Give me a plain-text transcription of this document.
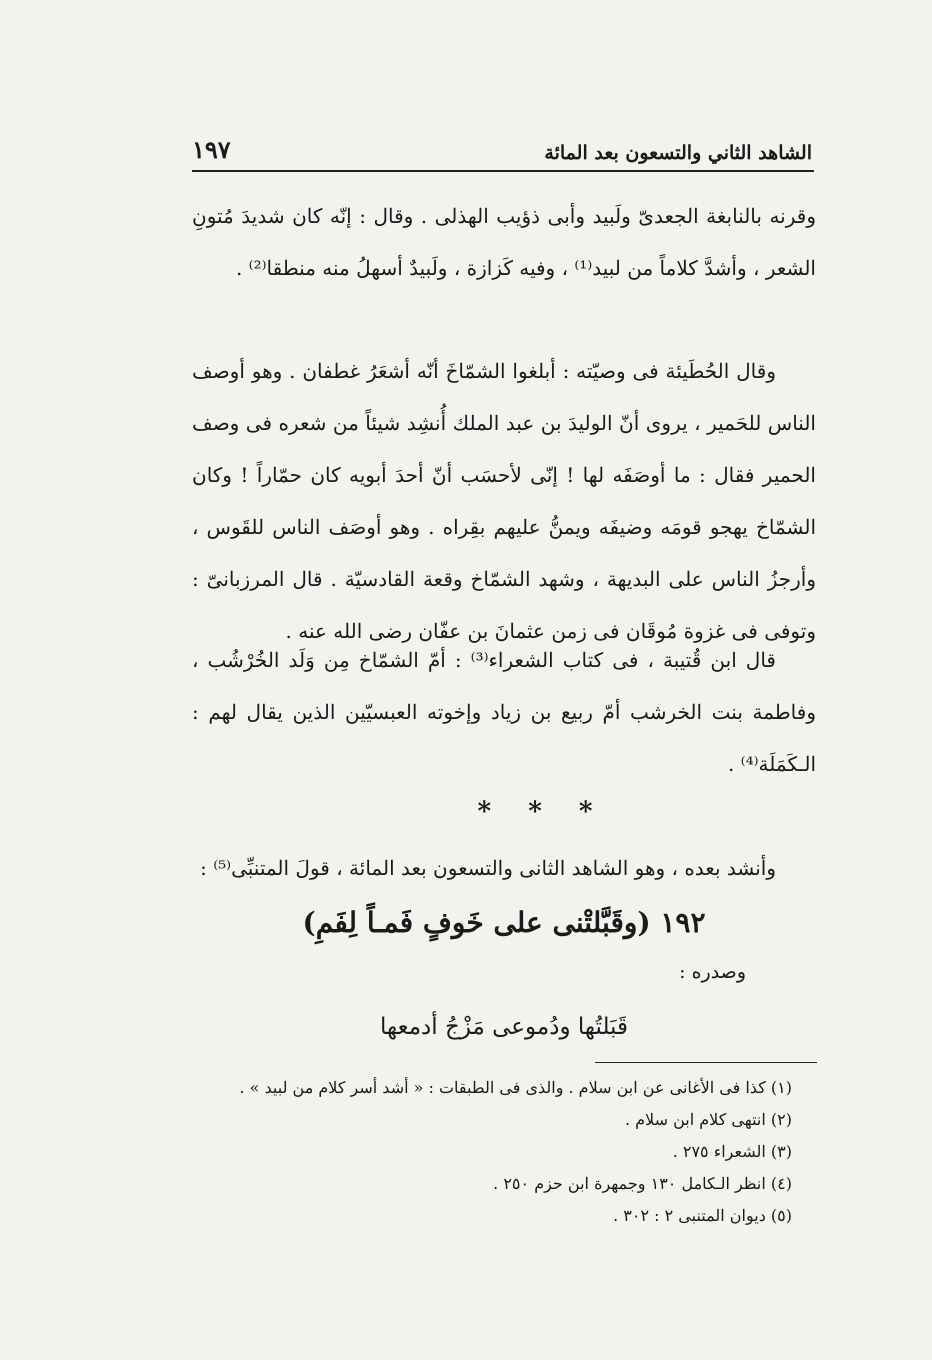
الشاهد الثاني والتسعون بعد المائة
١٩٧

وقرنه بالنابغة الجعدىّ ولَبيد وأبى ذؤيب الهذلى . وقال : إنّه كان شديدَ مُتونِ الشعر ، وأشدَّ كلاماً من لبيد⁽¹⁾ ، وفيه كَزازة ، ولَبيدٌ أسهلُ منه منطقا⁽²⁾ .

وقال الحُطَيئة فى وصيّته : أبلغوا الشمّاخَ أنّه أشعَرُ غطفان . وهو أوصف الناس للحَمير ، يروى أنّ الوليدَ بن عبد الملك أُنشِد شيئاً من شعره فى وصف الحمير فقال : ما أوصَفَه لها ! إنّى لأحسَب أنّ أحدَ أبويه كان حمّاراً ! وكان الشمّاخ يهجو قومَه وضيفَه ويمنُّ عليهم بقِراه . وهو أوصَف الناس للقَوس ، وأرجزُ الناس على البديهة ، وشهد الشمّاخ وقعة القادسيّة . قال المرزبانىّ : وتوفى فى غزوة مُوقَان فى زمن عثمانَ بن عفّان رضى الله عنه .

قال ابن قُتيبة ، فى كتاب الشعراء⁽³⁾ : أمّ الشمّاخ مِن وَلَد الخُرْشُب ، وفاطمة بنت الخرشب أمّ ربيع بن زياد وإخوته العبسيّين الذين يقال لهم : الـكَمَلَة⁽⁴⁾ .

* * *

وأنشد بعده ، وهو الشاهد الثانى والتسعون بعد المائة ، قولَ المتنبِّى⁽⁵⁾ :

١٩٢ (وقَبَّلتْنى على خَوفٍ فَمـاً لِفَمِ)
وصدره :
قَبَلتُها ودُموعى مَزْجُ أدمعها
(١) كذا فى الأغانى عن ابن سلام . والذى فى الطبقات : « أشد أسر كلام من لبيد » .
(٢) انتهى كلام ابن سلام .
(٣) الشعراء ٢٧٥ .
(٤) انظر الـكامل ١٣٠ وجمهرة ابن حزم ٢٥٠ .
(٥) ديوان المتنبى ٢ : ٣٠٢ .
